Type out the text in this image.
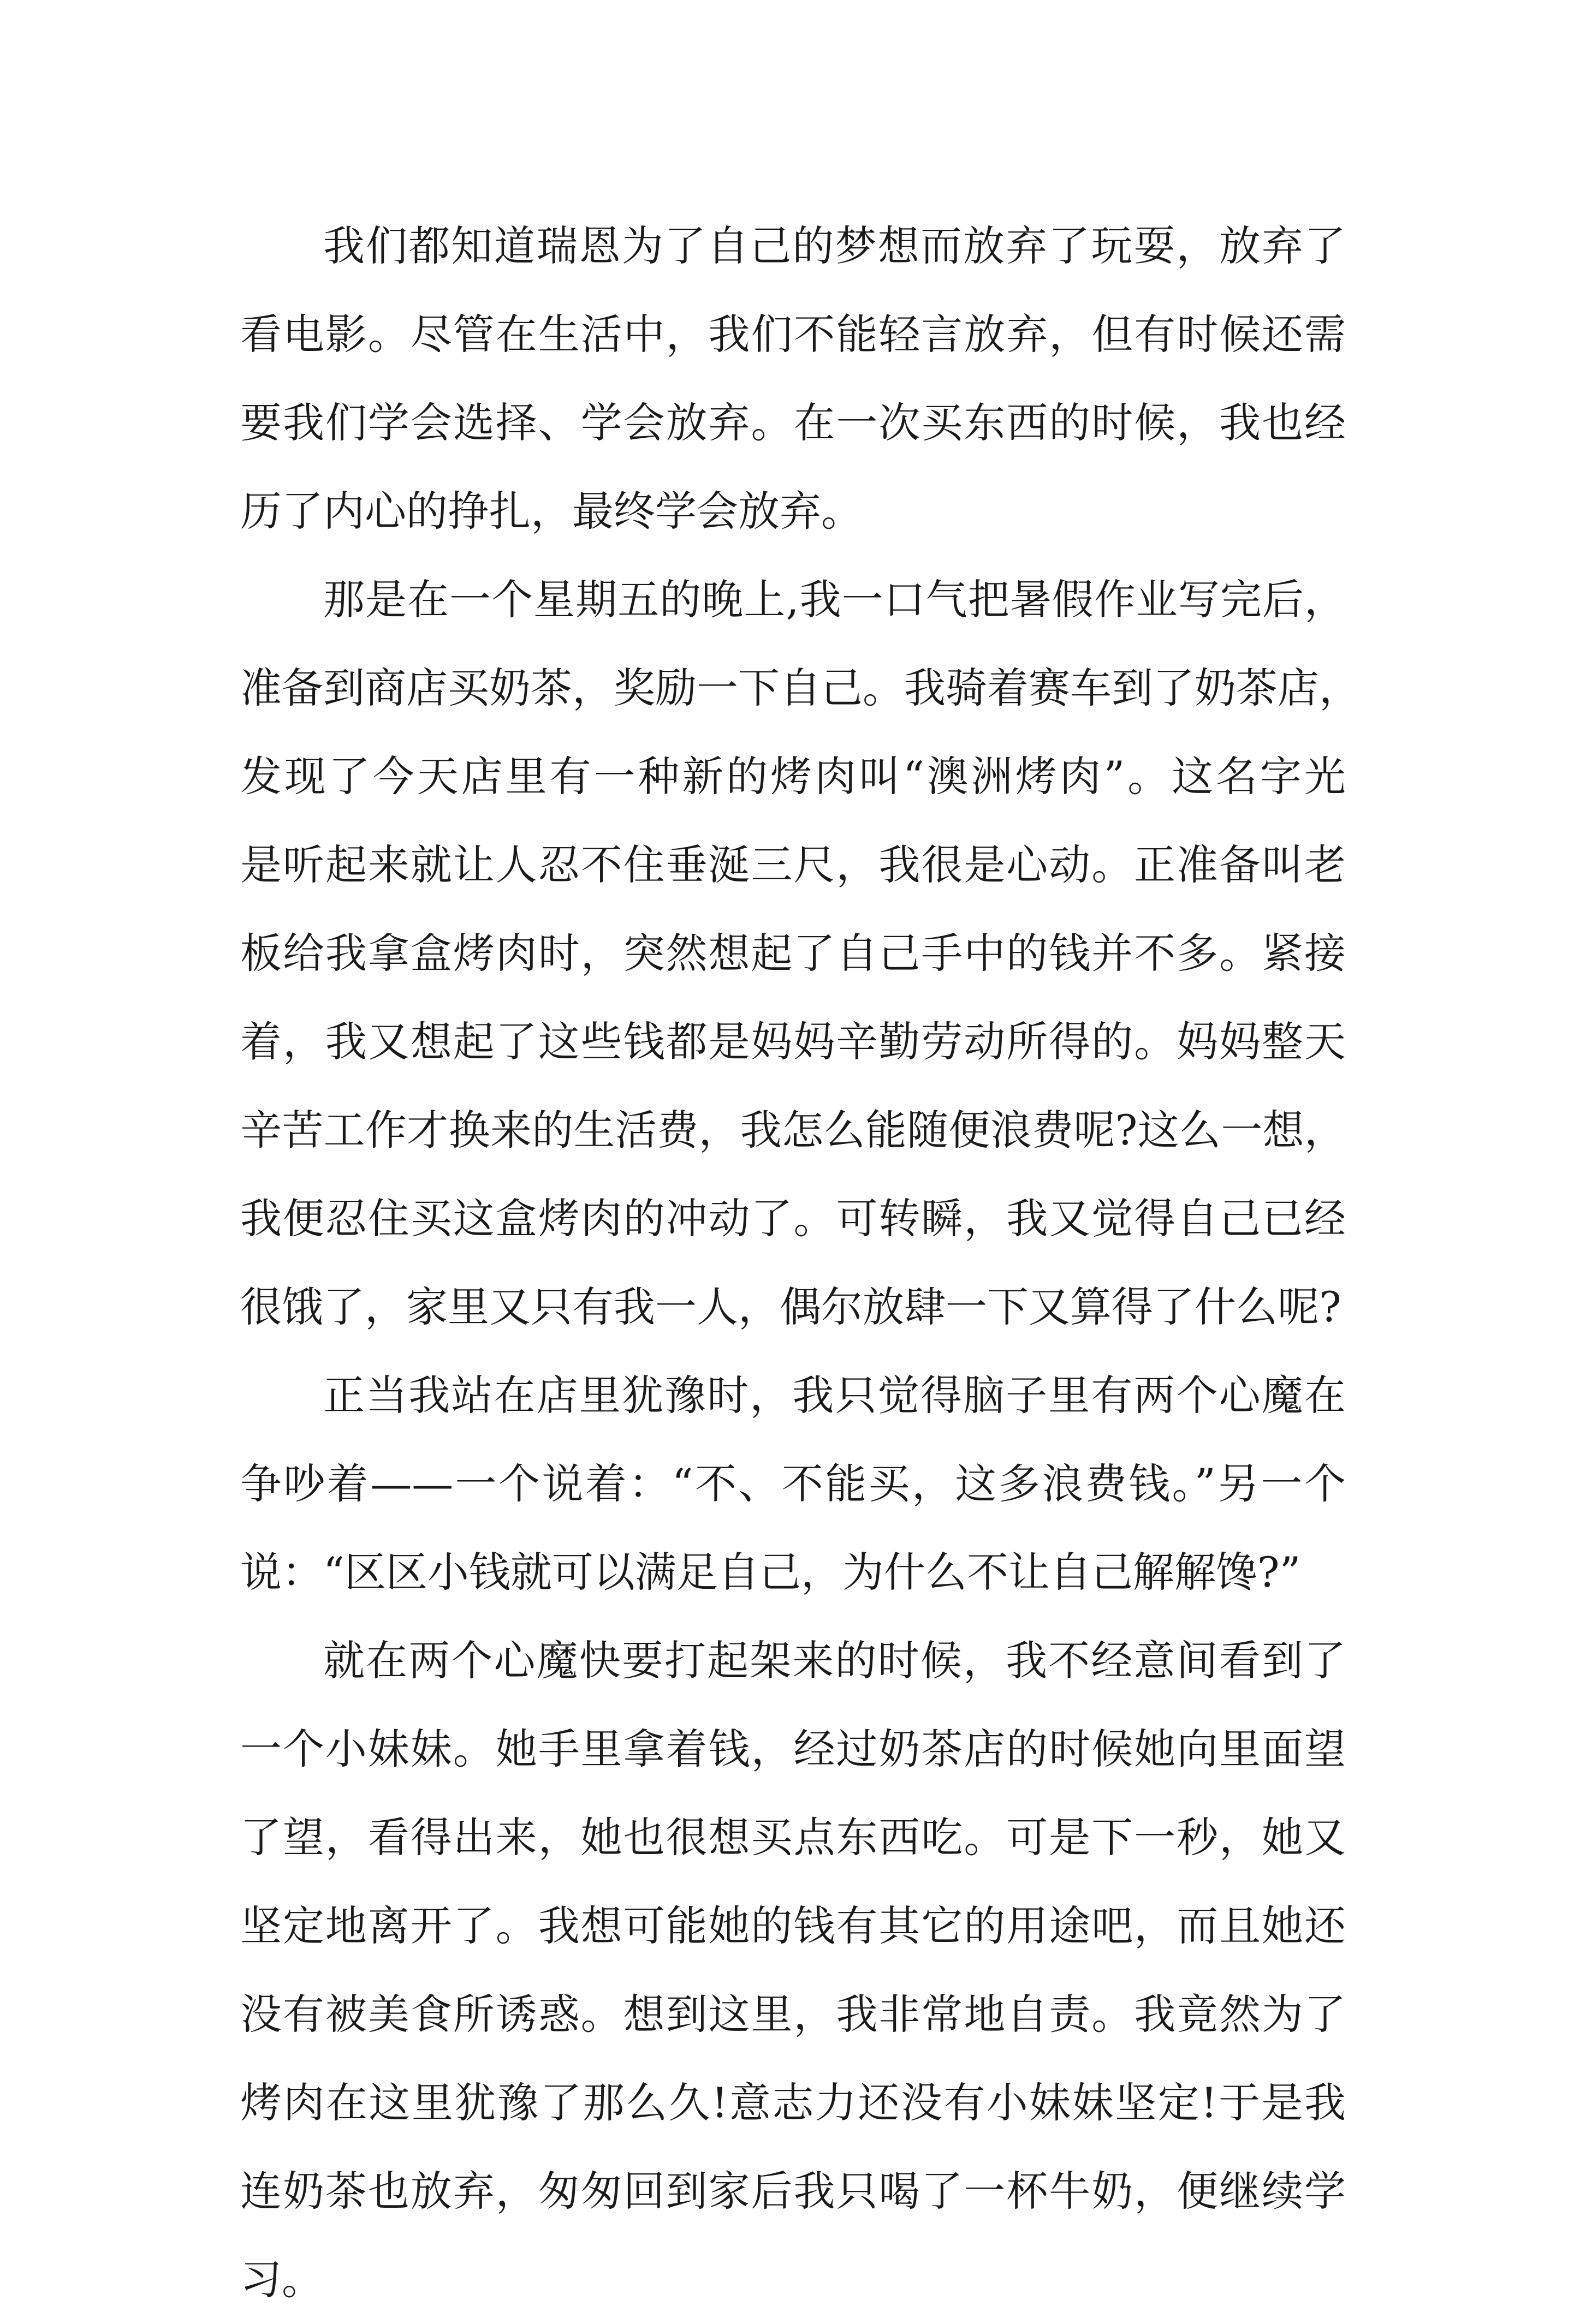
我们都知道瑞恩为了自己的梦想而放弃了玩耍，放弃了
看电影。尽管在生活中，我们不能轻言放弃，但有时候还需
要我们学会选择、学会放弃。在一次买东西的时候，我也经
历了内心的挣扎，最终学会放弃。
那是在一个星期五的晚上,我一口气把暑假作业写完后，
准备到商店买奶茶，奖励一下自己。我骑着赛车到了奶茶店，
发现了今天店里有一种新的烤肉叫“澳洲烤肉”。这名字光
是听起来就让人忍不住垂涎三尺，我很是心动。正准备叫老
板给我拿盒烤肉时，突然想起了自己手中的钱并不多。紧接
着，我又想起了这些钱都是妈妈辛勤劳动所得的。妈妈整天
辛苦工作才换来的生活费，我怎么能随便浪费呢?这么一想，
我便忍住买这盒烤肉的冲动了。可转瞬，我又觉得自己已经
很饿了，家里又只有我一人，偶尔放肆一下又算得了什么呢?
正当我站在店里犹豫时，我只觉得脑子里有两个心魔在
争吵着——一个说着：“不、不能买，这多浪费钱。”另一个
说：“区区小钱就可以满足自己，为什么不让自己解解馋?”
就在两个心魔快要打起架来的时候，我不经意间看到了
一个小妹妹。她手里拿着钱，经过奶茶店的时候她向里面望
了望，看得出来，她也很想买点东西吃。可是下一秒，她又
坚定地离开了。我想可能她的钱有其它的用途吧，而且她还
没有被美食所诱惑。想到这里，我非常地自责。我竟然为了
烤肉在这里犹豫了那么久!意志力还没有小妹妹坚定!于是我
连奶茶也放弃，匆匆回到家后我只喝了一杯牛奶，便继续学
习。
